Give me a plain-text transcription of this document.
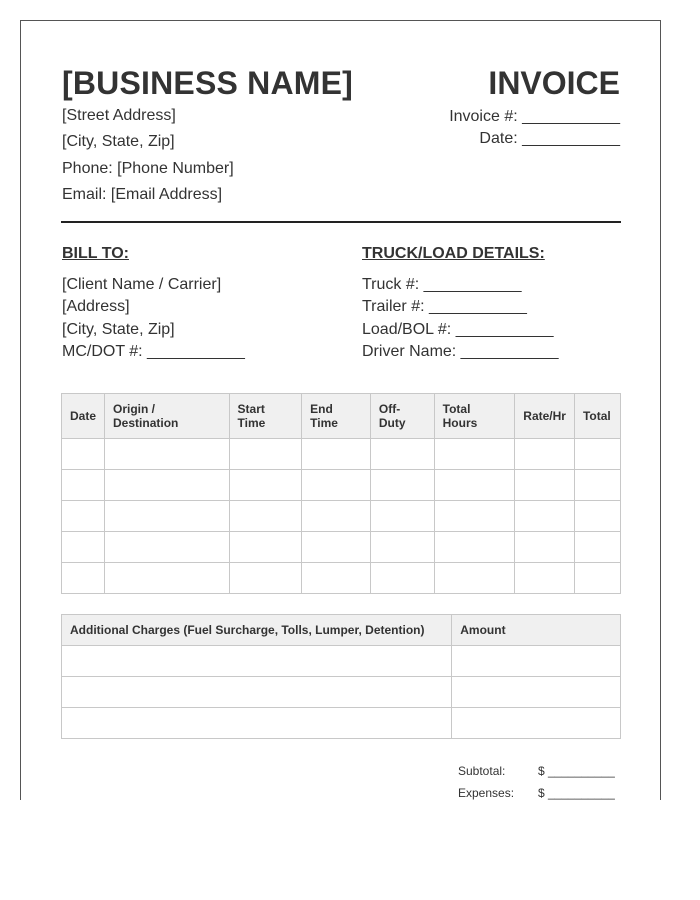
[BUSINESS NAME]	INVOICE
[Street Address]
[City, State, Zip]
Phone: [Phone Number]
Email: [Email Address]
Invoice #: ___________
Date: ___________
BILL TO:
[Client Name / Carrier]
[Address]
[City, State, Zip]
MC/DOT #: ___________
TRUCK/LOAD DETAILS:
Truck #: ___________
Trailer #: ___________
Load/BOL #: ___________
Driver Name: ___________
Date	Origin / Destination	Start Time	End Time	Off-Duty	Total Hours	Rate/Hr	Total

Additional Charges (Fuel Surcharge, Tolls, Lumper, Detention)	Amount

Subtotal:	$ __________
Expenses: $ __________
